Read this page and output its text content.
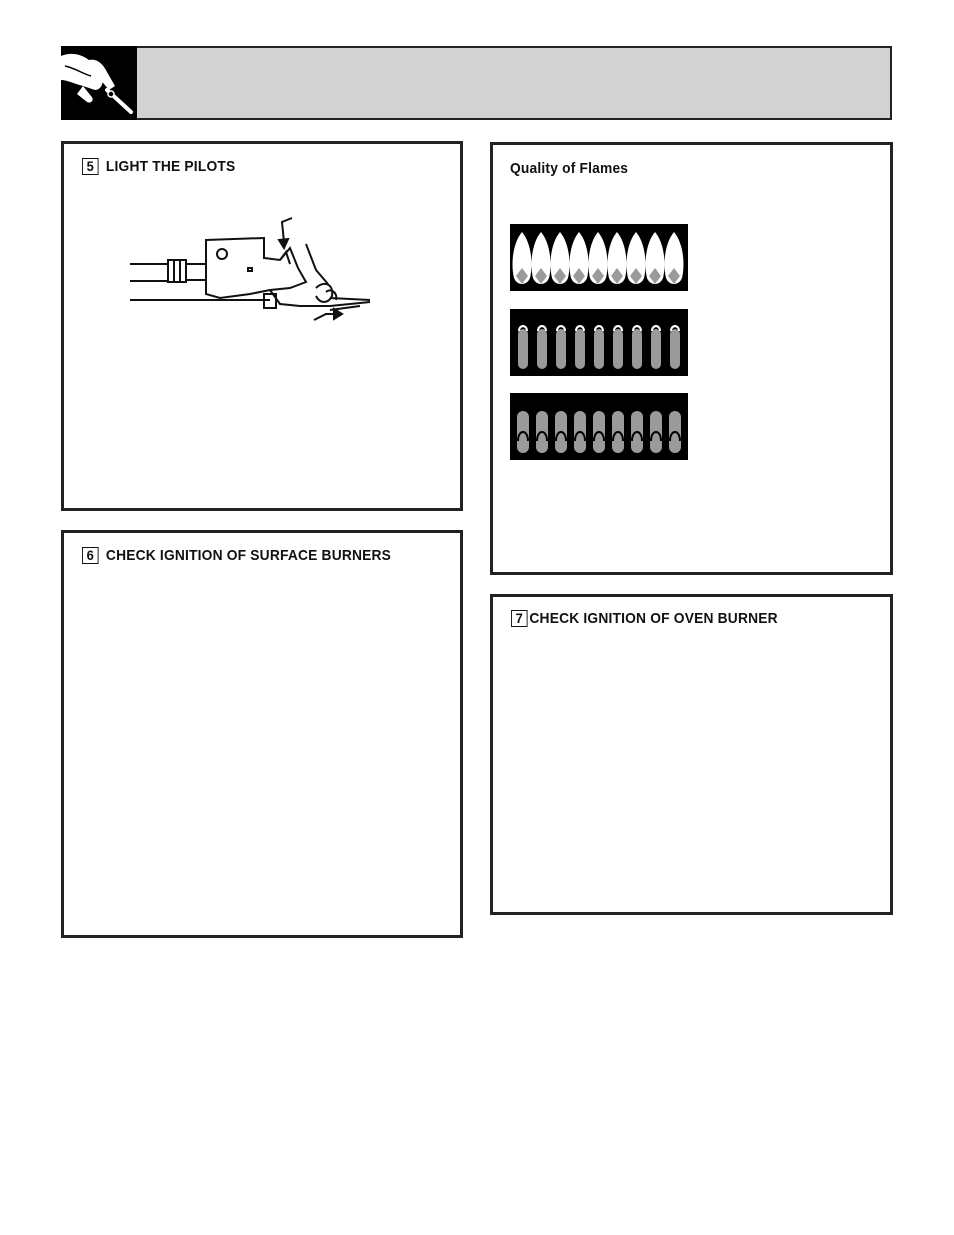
5 LIGHT THE PILOTS
6 CHECK IGNITION OF SURFACE BURNERS
Quality of Flames
7 CHECK IGNITION OF OVEN BURNER
